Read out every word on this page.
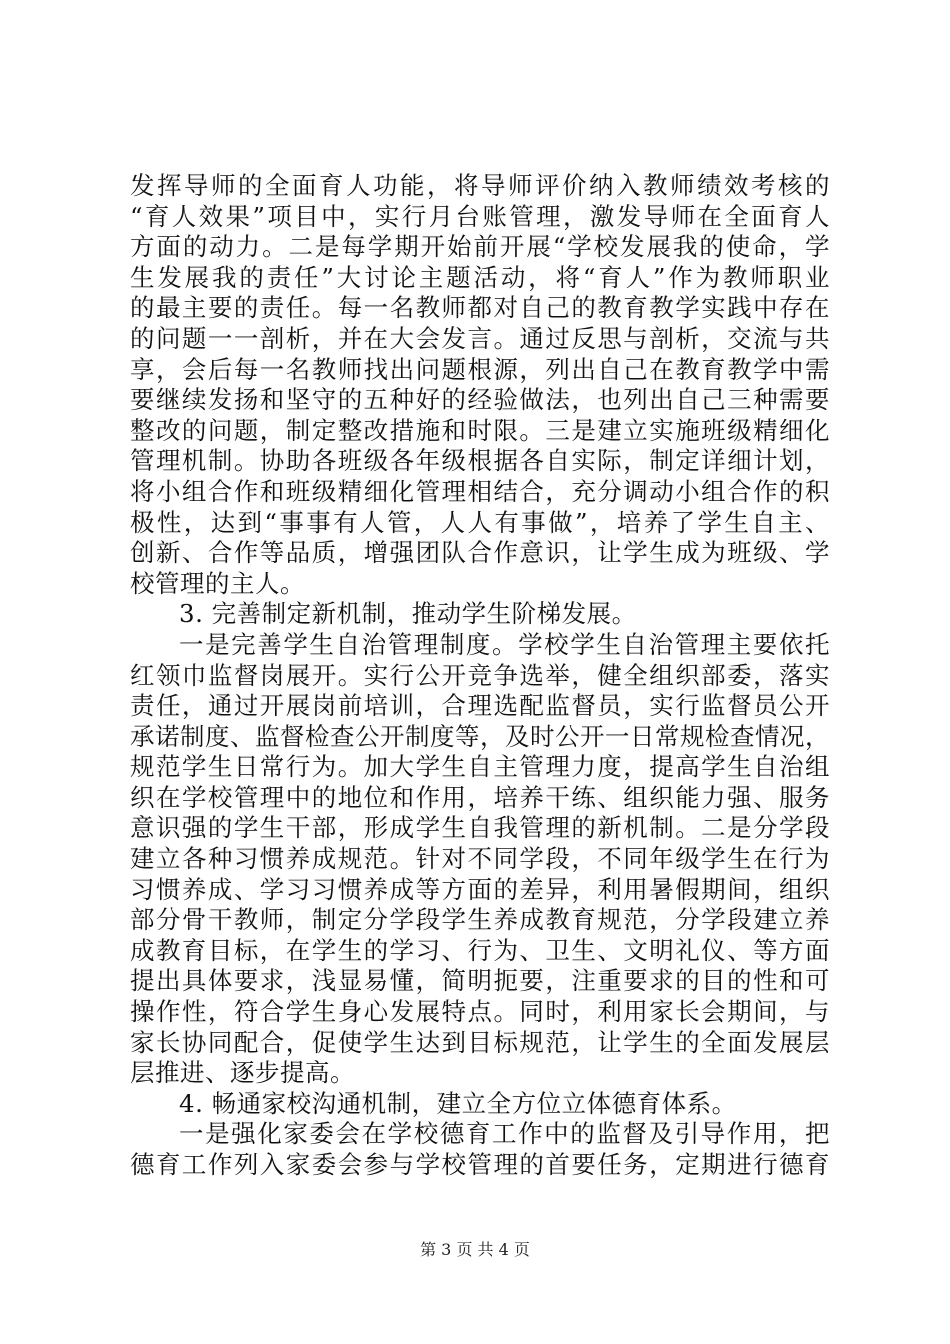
发挥导师的全面育人功能，将导师评价纳入教师绩效考核的
“育人效果”项目中，实行月台账管理，激发导师在全面育人
方面的动力。二是每学期开始前开展“学校发展我的使命，学
生发展我的责任”大讨论主题活动，将“育人”作为教师职业
的最主要的责任。每一名教师都对自己的教育教学实践中存在
的问题一一剖析，并在大会发言。通过反思与剖析，交流与共
享，会后每一名教师找出问题根源，列出自己在教育教学中需
要继续发扬和坚守的五种好的经验做法，也列出自己三种需要
整改的问题，制定整改措施和时限。三是建立实施班级精细化
管理机制。协助各班级各年级根据各自实际，制定详细计划，
将小组合作和班级精细化管理相结合，充分调动小组合作的积
极性，达到“事事有人管，人人有事做”，培养了学生自主、
创新、合作等品质，增强团队合作意识，让学生成为班级、学
校管理的主人。
3. 完善制定新机制，推动学生阶梯发展。
一是完善学生自治管理制度。学校学生自治管理主要依托
红领巾监督岗展开。实行公开竞争选举，健全组织部委，落实
责任，通过开展岗前培训，合理选配监督员，实行监督员公开
承诺制度、监督检查公开制度等，及时公开一日常规检查情况，
规范学生日常行为。加大学生自主管理力度，提高学生自治组
织在学校管理中的地位和作用，培养干练、组织能力强、服务
意识强的学生干部，形成学生自我管理的新机制。二是分学段
建立各种习惯养成规范。针对不同学段，不同年级学生在行为
习惯养成、学习习惯养成等方面的差异，利用暑假期间，组织
部分骨干教师，制定分学段学生养成教育规范，分学段建立养
成教育目标，在学生的学习、行为、卫生、文明礼仪、等方面
提出具体要求，浅显易懂，简明扼要，注重要求的目的性和可
操作性，符合学生身心发展特点。同时，利用家长会期间，与
家长协同配合，促使学生达到目标规范，让学生的全面发展层
层推进、逐步提高。
4. 畅通家校沟通机制，建立全方位立体德育体系。
一是强化家委会在学校德育工作中的监督及引导作用，把
德育工作列入家委会参与学校管理的首要任务，定期进行德育
第 3 页 共 4 页
